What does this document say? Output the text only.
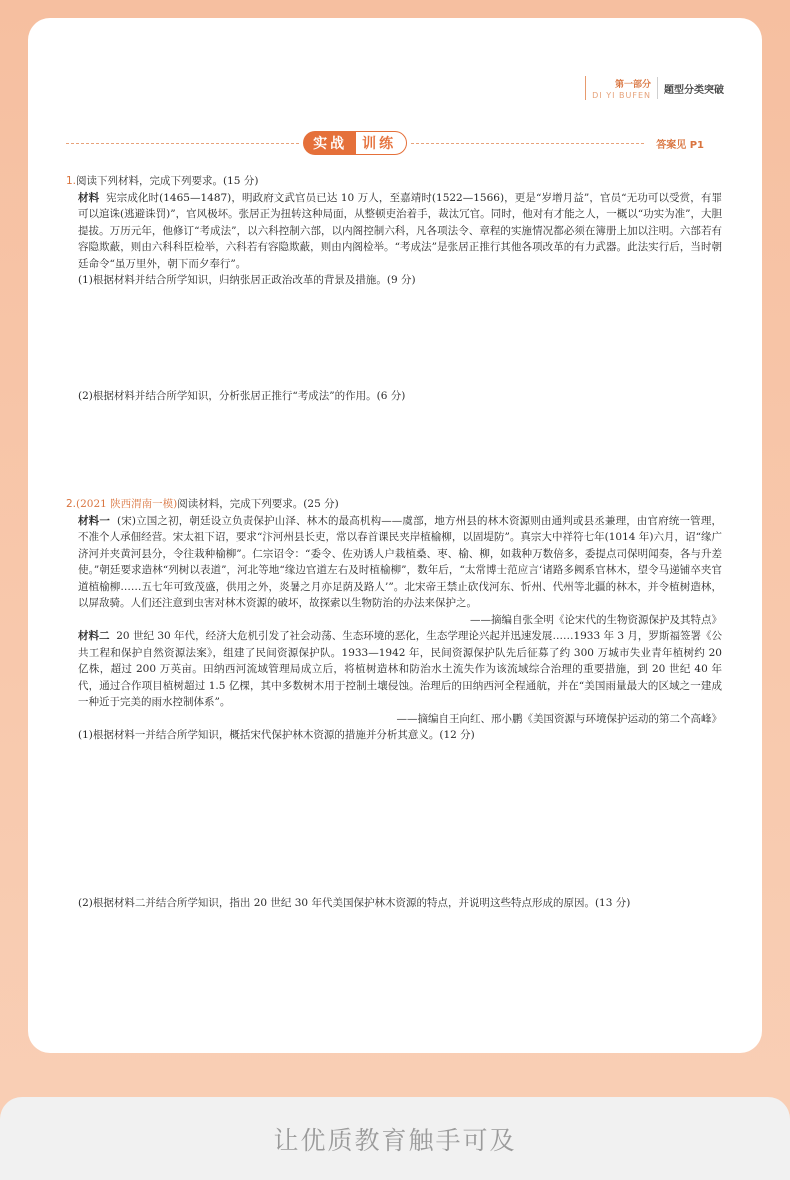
第一部分
DI YI BUFEN 题型分类突破
实战	训练	答案见 P1

1.阅读下列材料，完成下列要求。(15 分)

材料 宪宗成化时(1465—1487)，明政府文武官员已达 10 万人，至嘉靖时(1522—1566)，更是“岁增月益”，官员“无功可以受赏，有罪可以逭诛(逃避诛罚)”，官风极坏。张居正为扭转这种局面，从整顿吏治着手，裁汰冗官。同时，他对有才能之人，一概以“功实为准”，大胆提拔。万历元年，他修订“考成法”，以六科控制六部，以内阁控制六科，凡各项法令、章程的实施情况都必须在簿册上加以注明。六部若有容隐欺蔽，则由六科科臣检举，六科若有容隐欺蔽，则由内阁检举。“考成法”是张居正推行其他各项改革的有力武器。此法实行后，当时朝廷命令“虽万里外，朝下而夕奉行”。

(1)根据材料并结合所学知识，归纳张居正政治改革的背景及措施。(9 分)

(2)根据材料并结合所学知识，分析张居正推行“考成法”的作用。(6 分)

2.(2021 陕西渭南一模)阅读材料，完成下列要求。(25 分)

材料一 (宋)立国之初，朝廷设立负责保护山泽、林木的最高机构——虞部，地方州县的林木资源则由通判或县丞兼理，由官府统一管理，不准个人承佃经营。宋太祖下诏，要求“汴河州县长吏，常以春首课民夹岸植榆柳，以固堤防”。真宗大中祥符七年(1014 年)六月，诏“缘广济河并夹黄河县分，令往栽种榆柳”。仁宗诏令：“委令、佐劝诱人户栽植桑、枣、榆、柳，如栽种万数倍多，委提点司保明闻奏，各与升差使。”朝廷要求造林“列树以表道”，河北等地“缘边官道左右及时植榆柳”，数年后，“太常博士范应言‘诸路多阙系官林木，望令马递铺卒夹官道植榆柳……五七年可致茂盛，供用之外，炎暑之月亦足荫及路人’”。北宋帝王禁止砍伐河东、忻州、代州等北疆的林木，并令植树造林，以屏敌骑。人们还注意到虫害对林木资源的破坏，故探索以生物防治的办法来保护之。

——摘编自张全明《论宋代的生物资源保护及其特点》

材料二 20 世纪 30 年代，经济大危机引发了社会动荡、生态环境的恶化，生态学理论兴起并迅速发展……1933 年 3 月，罗斯福签署《公共工程和保护自然资源法案》，组建了民间资源保护队。1933—1942 年，民间资源保护队先后征募了约 300 万城市失业青年植树约 20 亿株，超过 200 万英亩。田纳西河流域管理局成立后，将植树造林和防治水土流失作为该流域综合治理的重要措施，到 20 世纪 40 年代，通过合作项目植树超过 1.5 亿棵，其中多数树木用于控制土壤侵蚀。治理后的田纳西河全程通航，并在“美国雨量最大的区域之一建成一种近于完美的雨水控制体系”。

——摘编自王向红、邢小鹏《美国资源与环境保护运动的第二个高峰》

(1)根据材料一并结合所学知识，概括宋代保护林木资源的措施并分析其意义。(12 分)

(2)根据材料二并结合所学知识，指出 20 世纪 30 年代美国保护林木资源的特点，并说明这些特点形成的原因。(13 分)

让优质教育触手可及
